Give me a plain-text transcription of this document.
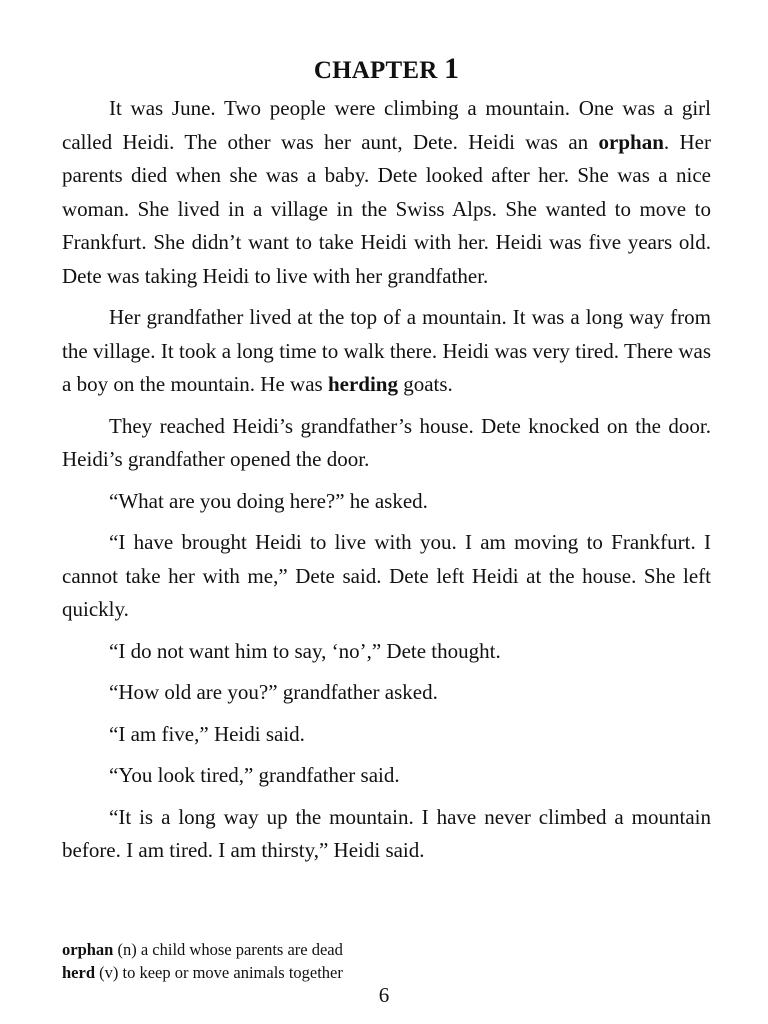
CHAPTER 1

It was June. Two people were climbing a mountain. One was a girl called Heidi. The other was her aunt, Dete. Heidi was an orphan. Her parents died when she was a baby. Dete looked after her. She was a nice woman. She lived in a village in the Swiss Alps. She wanted to move to Frankfurt. She didn’t want to take Heidi with her. Heidi was five years old. Dete was taking Heidi to live with her grandfather.

Her grandfather lived at the top of a mountain. It was a long way from the village. It took a long time to walk there. Heidi was very tired. There was a boy on the mountain. He was herding goats.

They reached Heidi’s grandfather’s house. Dete knocked on the door. Heidi’s grandfather opened the door.

“What are you doing here?” he asked.

“I have brought Heidi to live with you. I am moving to Frankfurt. I cannot take her with me,” Dete said. Dete left Heidi at the house. She left quickly.

“I do not want him to say, ‘no’,” Dete thought.

“How old are you?” grandfather asked.

“I am five,” Heidi said.

“You look tired,” grandfather said.

“It is a long way up the mountain. I have never climbed a mountain before. I am tired. I am thirsty,” Heidi said.

orphan (n) a child whose parents are dead

herd (v) to keep or move animals together

6
